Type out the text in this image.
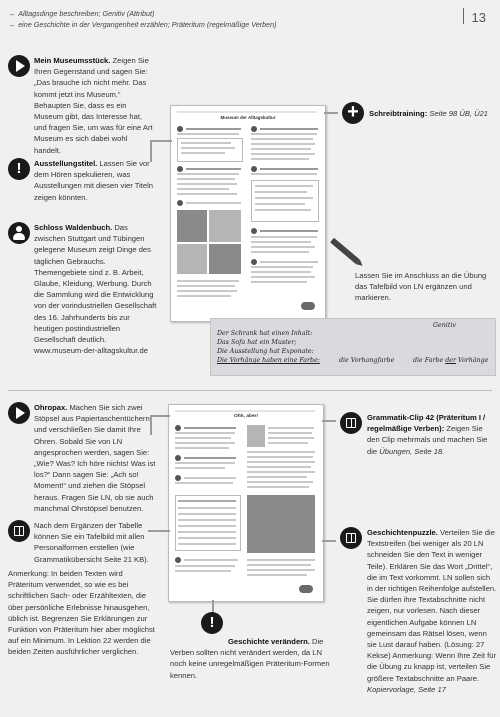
→ Alltagsdinge beschreiben; Genitiv (Attribut)
→ eine Geschichte in der Vergangenheit erzählen; Präteritum (regelmäßige Verben)	13
Mein Museumsstück. Zeigen Sie Ihren Gegenstand und sagen Sie: „Das brauche ich nicht mehr. Das kommt jetzt ins Museum.“ Behaupten Sie, dass es ein Museum gibt, das Interesse hat, und fragen Sie, um was für eine Art Museum es sich dabei wohl handelt.
!	Ausstellungstitel. Lassen Sie vor dem Hören spekulieren, was Ausstellungen mit diesen vier Titeln zeigen könnten.
Schloss Waldenbuch. Das zwischen Stuttgart und Tübingen gelegene Museum zeigt Dinge des täglichen Gebrauchs. Themengebiete sind z. B. Arbeit, Glaube, Kleidung, Werbung. Durch die Sammlung wird die Entwicklung von der vorindustriellen Gesellschaft des 16. Jahrhunderts bis zur heutigen postindustriellen Gesellschaft deutlich. www.museum-der-alltagskultur.de
Museum der Alltagskultur	+	Schreibtraining: Seite 98 ÜB, Ü21
Lassen Sie im Anschluss an die Übung das Tafelbild von LN ergänzen und markieren.
Genitiv
Der Schrank hat einen Inhalt:
Das Sofa hat ein Muster;
Die Ausstellung hat Exponate:
Die Vorhänge haben eine Farbe:	die Vorhangfarbe	die Farbe der Vorhänge
Ohropax. Machen Sie sich zwei Stöpsel aus Papiertaschentüchern und verschließen Sie damit Ihre Ohren. Sobald Sie von LN angesprochen werden, sagen Sie: „Wie? Was? Ich höre nichts! Was ist los?“ Dann sagen Sie: „Ach so! Moment!“ und ziehen die Stöpsel heraus. Fragen Sie LN, ob sie auch manchmal Ohrstöpsel benutzen.
Nach dem Ergänzen der Tabelle können Sie ein Tafelbild mit allen Personalformen erstellen (wie Grammatikübersicht Seite 21 KB).
Anmerkung: In beiden Texten wird Präteritum verwendet, so wie es bei schriftlichen Sach- oder Erzähltexten, die über persönliche Erlebnisse hinausgehen, üblich ist. Begrenzen Sie Erklärungen zur Funktion von Präteritum hier aber möglichst auf ein Minimum. In Lektion 22 werden die beiden Zeiten ausführlicher verglichen.
Ohh, aber!	Grammatik-Clip 42 (Präteritum I / regelmäßige Verben): Zeigen Sie den Clip mehrmals und machen Sie die Übungen, Seite 18.
Geschichtenpuzzle. Verteilen Sie die Textstreifen (bei weniger als 20 LN schneiden Sie den Text in weniger Teile). Erklären Sie das Wort „Drittel“, die im Text vorkommt. LN sollen sich in der richtigen Reihenfolge aufstellen. Sie dürfen ihre Textabschnitte nicht zeigen, nur vorlesen. Nach dieser eigentlichen Aufgabe können LN gemeinsam das Rätsel lösen, wenn sie Lust darauf haben. (Lösung: 27 Kekse) Anmerkung: Wenn Ihre Zeit für die Übung zu knapp ist, verteilen Sie größere Textabschnitte an Paare. Kopiervorlage, Seite 17
!
Geschichte verändern. Die Verben sollten nicht verändert werden, da LN noch keine unregelmäßigen Präteritum-Formen kennen.
